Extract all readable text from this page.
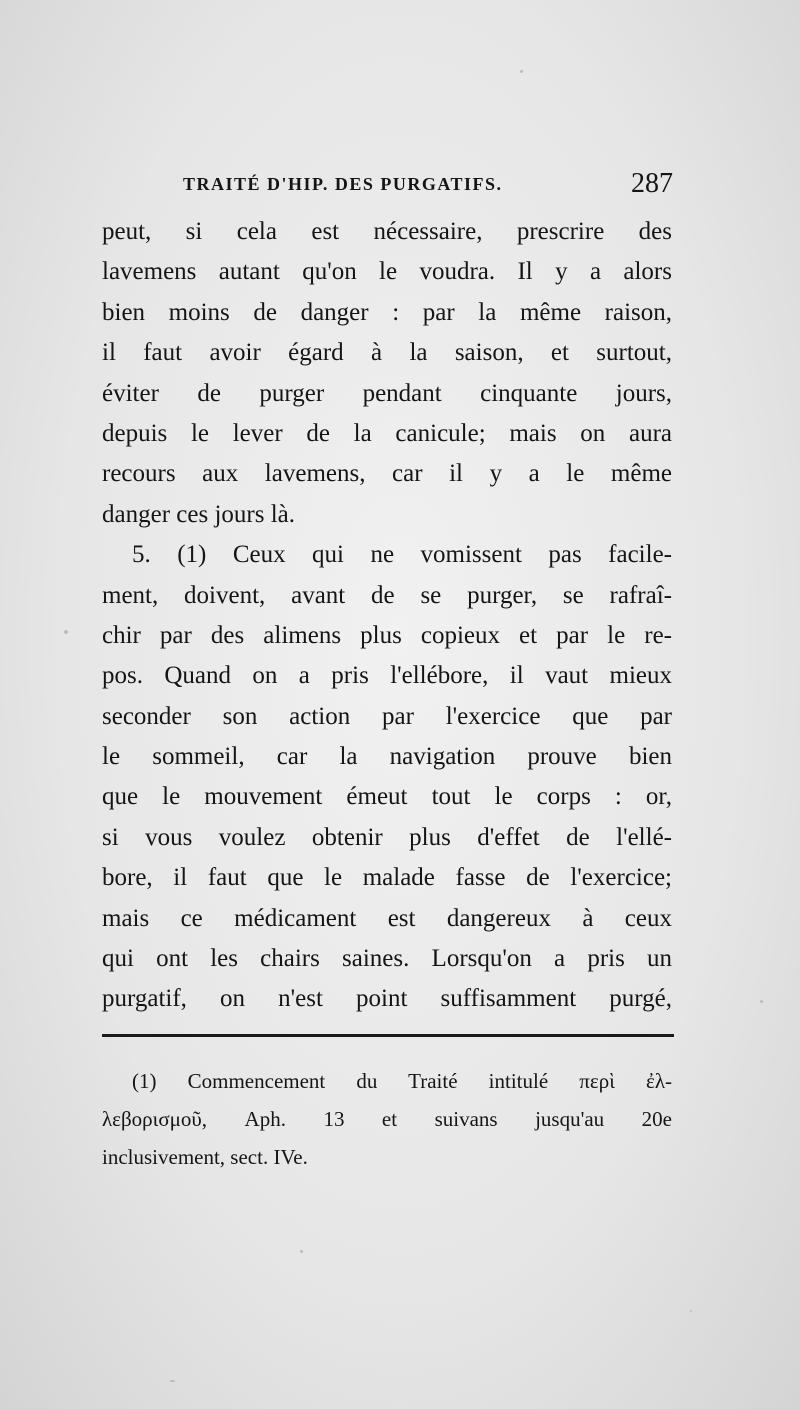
TRAITÉ D'HIP. DES PURGATIFS.	287
peut, si cela est nécessaire, prescrire des
lavemens autant qu'on le voudra. Il y a alors
bien moins de danger : par la même raison,
il faut avoir égard à la saison, et surtout,
éviter de purger pendant cinquante jours,
depuis le lever de la canicule; mais on aura
recours aux lavemens, car il y a le même
danger ces jours là.
5. (1) Ceux qui ne vomissent pas facile-
ment, doivent, avant de se purger, se rafraî-
chir par des alimens plus copieux et par le re-
pos. Quand on a pris l'ellébore, il vaut mieux
seconder son action par l'exercice que par
le sommeil, car la navigation prouve bien
que le mouvement émeut tout le corps : or,
si vous voulez obtenir plus d'effet de l'ellé-
bore, il faut que le malade fasse de l'exercice;
mais ce médicament est dangereux à ceux
qui ont les chairs saines. Lorsqu'on a pris un
purgatif, on n'est point suffisamment purgé,
(1) Commencement du Traité intitulé περὶ ἐλ-
λεβορισμοῦ, Aph. 13 et suivans jusqu'au 20e
inclusivement, sect. IVe.
